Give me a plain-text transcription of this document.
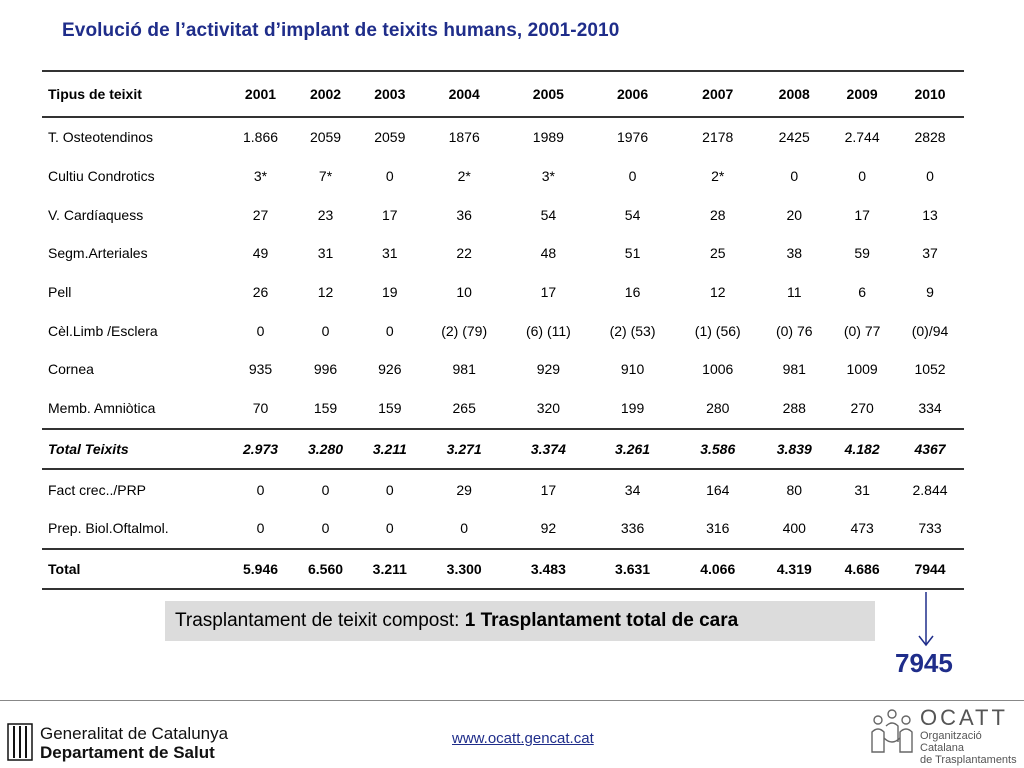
Evolució de l’activitat d’implant de teixits humans, 2001-2010
Tipus de teixit	2001	2002	2003	2004	2005	2006	2007	2008	2009	2010
T. Osteotendinos	1.866	2059	2059	1876	1989	1976	2178	2425	2.744	2828
Cultiu Condrotics	3*	7*	0	2*	3*	0	2*	0	0	0
V. Cardíaquess	27	23	17	36	54	54	28	20	17	13
Segm.Arteriales	49	31	31	22	48	51	25	38	59	37
Pell	26	12	19	10	17	16	12	11	6	9
Cèl.Limb /Esclera	0	0	0	(2) (79)	(6) (11)	(2) (53)	(1) (56)	(0) 76	(0) 77	(0)/94
Cornea	935	996	926	981	929	910	1006	981	1009	1052
Memb. Amniòtica	70	159	159	265	320	199	280	288	270	334
Total Teixits	2.973	3.280	3.211	3.271	3.374	3.261	3.586	3.839	4.182	4367
Fact crec../PRP	0	0	0	29	17	34	164	80	31	2.844
Prep. Biol.Oftalmol.	0	0	0	0	92	336	316	400	473	733
Total	5.946	6.560	3.211	3.300	3.483	3.631	4.066	4.319	4.686	7944
Trasplantament de teixit compost: 1 Trasplantament total de cara
7945
Generalitat de Catalunya
Departament de Salut
www.ocatt.gencat.cat
OCATT
Organització Catalana
de Trasplantaments
